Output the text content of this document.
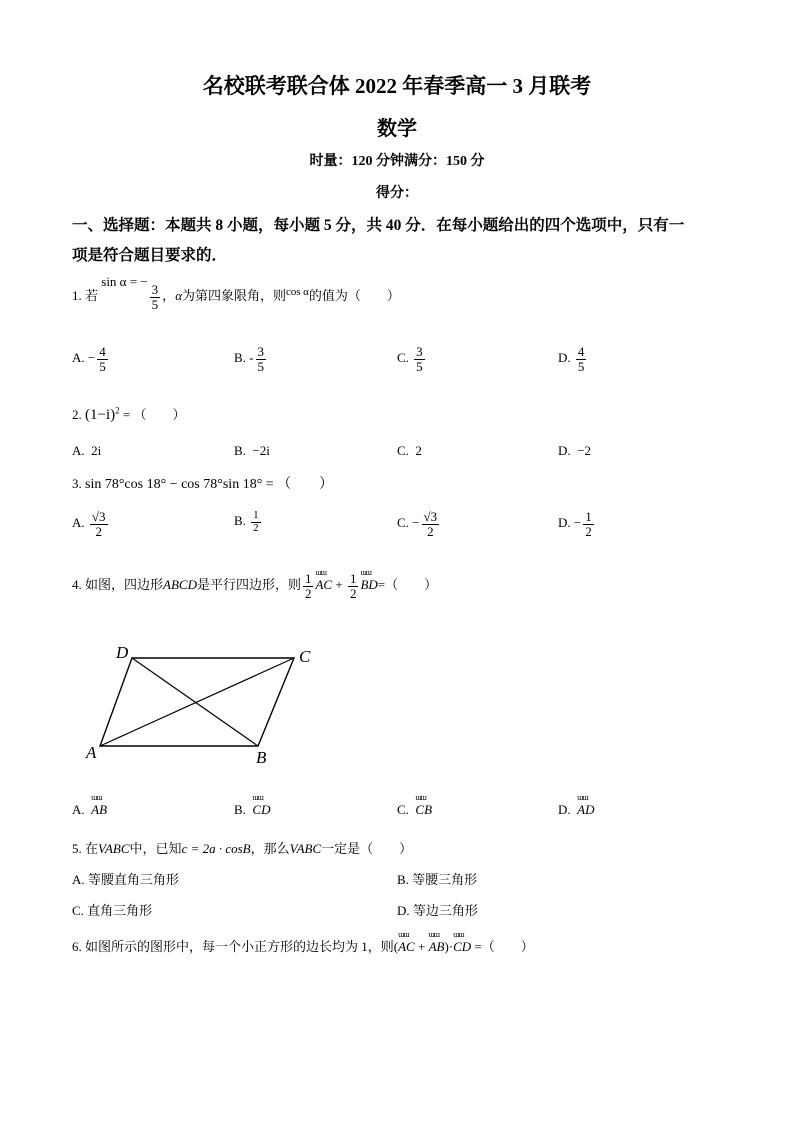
名校联考联合体 2022 年春季高一 3 月联考
数学
时量：120 分钟满分：150 分
得分：
一、选择题：本题共 8 小题，每小题 5 分，共 40 分．在每小题给出的四个选项中，只有一
项是符合题目要求的．
1. 若 sin α = −
$\frac{3}{5}$ ，α为第四象限角，则$^{cos \alpha}$的值为（　　）
A. − $\frac{4}{5}$	B. - $\frac{3}{5}$	C. $\frac{3}{5}$	D. $\frac{4}{5}$
2. $(1-i)^2$ = （　　）
A. 2i	B. −2i	C. 2	D. −2
3. sin 78°cos 18° − cos 78°sin 18° = （　　）
A. $\frac{√3}{2}$	B. $\frac{1}{2}$	C. − $\frac{√3}{2}$	D. − $\frac{1}{2}$
4. 如图，四边形ABCD是平行四边形，则 $\frac{1}{2}$ ɯɯ AC + $\frac{1}{2}$ ɯɯ BD=（　　）
D	C
A	B
A. ɯɯ AB	B. ɯɯ CD	C. ɯɯ CB	D. ɯɯ AD
5. 在VABC中，已知c = 2a · cosB，那么VABC一定是（　　）
A. 等腰直角三角形	B. 等腰三角形
C. 直角三角形	D. 等边三角形
6. 如图所示的图形中，每一个小正方形的边长均为 1，则(ɯɯ AC + ɯɯ AB)·ɯɯ CD =（　　）
